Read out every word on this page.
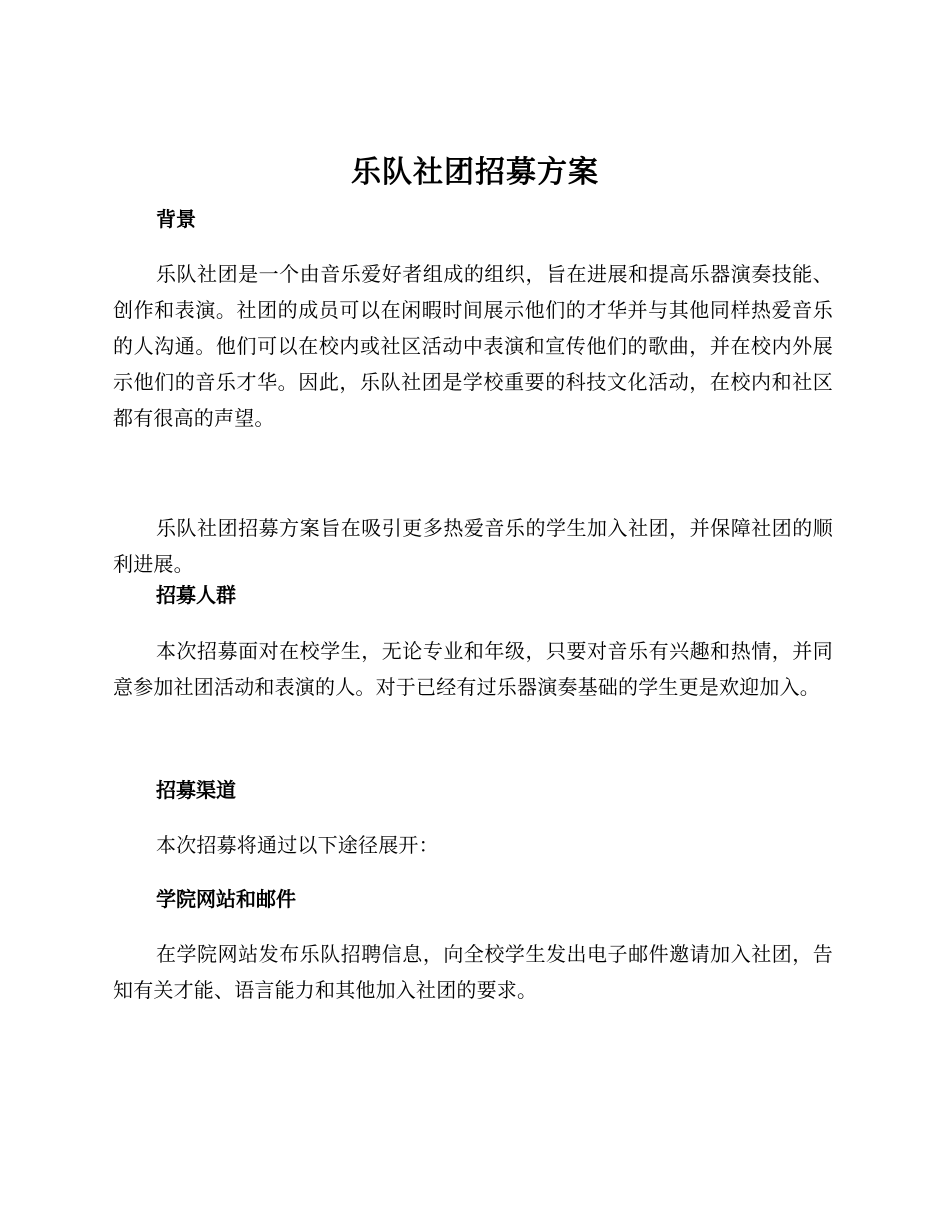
乐队社团招募方案
背景
乐队社团是一个由音乐爱好者组成的组织，旨在进展和提高乐器演奏技能、创作和表演。社团的成员可以在闲暇时间展示他们的才华并与其他同样热爱音乐的人沟通。他们可以在校内或社区活动中表演和宣传他们的歌曲，并在校内外展示他们的音乐才华。因此，乐队社团是学校重要的科技文化活动，在校内和社区都有很高的声望。
乐队社团招募方案旨在吸引更多热爱音乐的学生加入社团，并保障社团的顺利进展。
招募人群
本次招募面对在校学生，无论专业和年级，只要对音乐有兴趣和热情，并同意参加社团活动和表演的人。对于已经有过乐器演奏基础的学生更是欢迎加入。
招募渠道
本次招募将通过以下途径展开：
学院网站和邮件
在学院网站发布乐队招聘信息，向全校学生发出电子邮件邀请加入社团，告知有关才能、语言能力和其他加入社团的要求。
